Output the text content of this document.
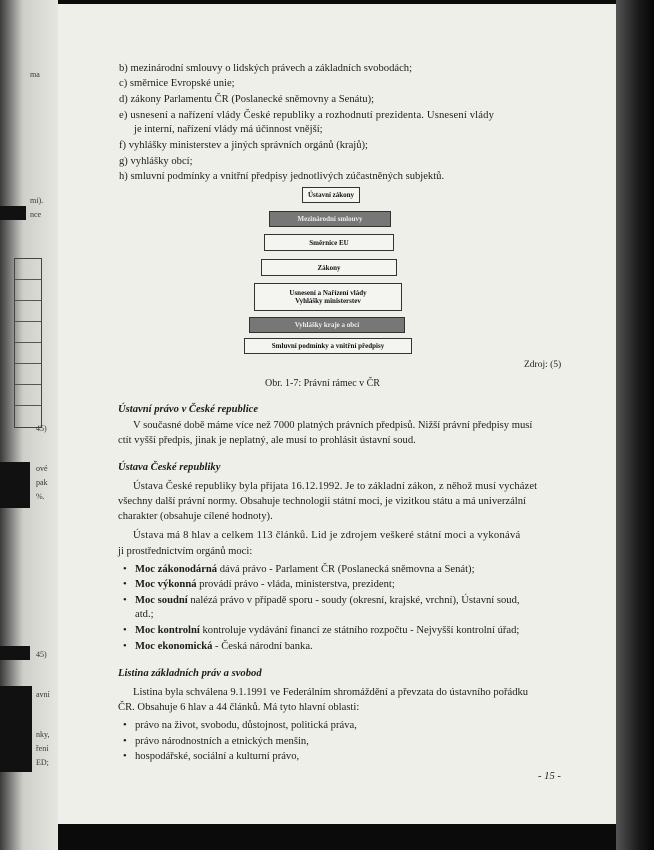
ma
mi).
nce
45)
ové
pak
%.
45)
avní
nky,
ření
ED;
b) mezinárodní smlouvy o lidských právech a základních svobodách;
c) směrnice Evropské unie;
d) zákony Parlamentu ČR (Poslanecké sněmovny a Senátu);
e) usnesení a nařízení vlády České republiky a rozhodnutí prezidenta. Usnesení vlády
je interní, nařízení vlády má účinnost vnější;
f) vyhlášky ministerstev a jiných správních orgánů (krajů);
g) vyhlášky obcí;
h) smluvní podmínky a vnitřní předpisy jednotlivých zúčastněných subjektů.
Ústavní zákony
Mezinárodní smlouvy
Směrnice EU
Zákony
Usnesení a Nařízení vlády
Vyhlášky ministerstev
Vyhlášky kraje a obcí
Smluvní podmínky a vnitřní předpisy
Zdroj: (5)
Obr. 1-7: Právní rámec v ČR
Ústavní právo v České republice
V současné době máme více než 7000 platných právních předpisů. Nižší právní předpisy musí
ctít vyšší předpis, jinak je neplatný, ale musí to prohlásit ústavní soud.
Ústava České republiky
Ústava České republiky byla přijata 16.12.1992. Je to základní zákon, z něhož musí vycházet
všechny další právní normy. Obsahuje technologii státní moci, je vizitkou státu a má univerzální
charakter (obsahuje cílené hodnoty).
Ústava má 8 hlav a celkem 113 článků. Lid je zdrojem veškeré státní moci a vykonává
ji prostřednictvím orgánů moci:
• Moc zákonodárná dává právo - Parlament ČR (Poslanecká sněmovna a Senát);
• Moc výkonná provádí právo - vláda, ministerstva, prezident;
• Moc soudní nalézá právo v případě sporu - soudy (okresní, krajské, vrchní), Ústavní soud,
atd.;
• Moc kontrolní kontroluje vydávání financí ze státního rozpočtu - Nejvyšší kontrolní úřad;
• Moc ekonomická - Česká národní banka.
Listina základních práv a svobod
Listina byla schválena 9.1.1991 ve Federálním shromáždění a převzata do ústavního pořádku
ČR. Obsahuje 6 hlav a 44 článků. Má tyto hlavní oblasti:
• právo na život, svobodu, důstojnost, politická práva,
• právo národnostních a etnických menšin,
• hospodářské, sociální a kulturní právo,
- 15 -
